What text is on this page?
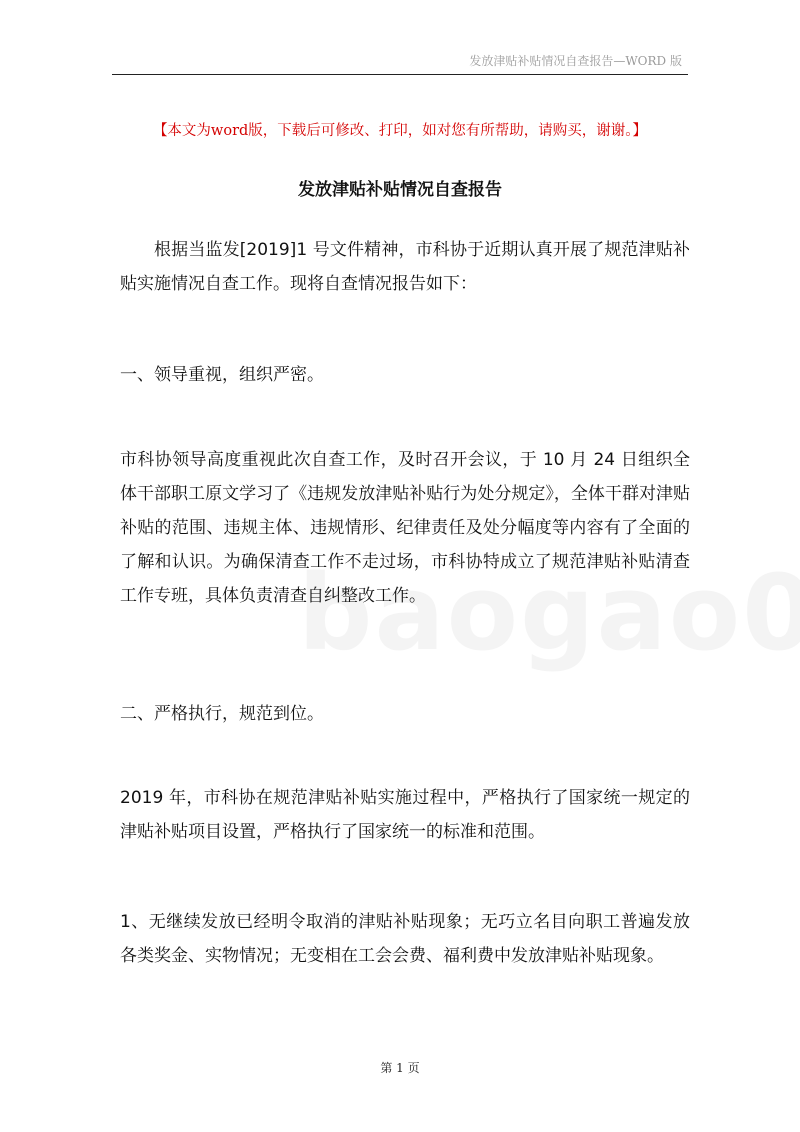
发放津贴补贴情况自查报告—WORD 版
【本文为word版，下载后可修改、打印，如对您有所帮助，请购买，谢谢。】
发放津贴补贴情况自查报告
根据当监发[2019]1 号文件精神，市科协于近期认真开展了规范津贴补贴实施情况自查工作。现将自查情况报告如下：
一、领导重视，组织严密。
市科协领导高度重视此次自查工作，及时召开会议，于 10 月 24 日组织全体干部职工原文学习了《违规发放津贴补贴行为处分规定》，全体干群对津贴补贴的范围、违规主体、违规情形、纪律责任及处分幅度等内容有了全面的了解和认识。为确保清查工作不走过场，市科协特成立了规范津贴补贴清查工作专班，具体负责清查自纠整改工作。
二、严格执行，规范到位。
2019 年，市科协在规范津贴补贴实施过程中，严格执行了国家统一规定的津贴补贴项目设置，严格执行了国家统一的标准和范围。
1、无继续发放已经明令取消的津贴补贴现象；无巧立名目向职工普遍发放各类奖金、实物情况；无变相在工会会费、福利费中发放津贴补贴现象。
第 1 页
